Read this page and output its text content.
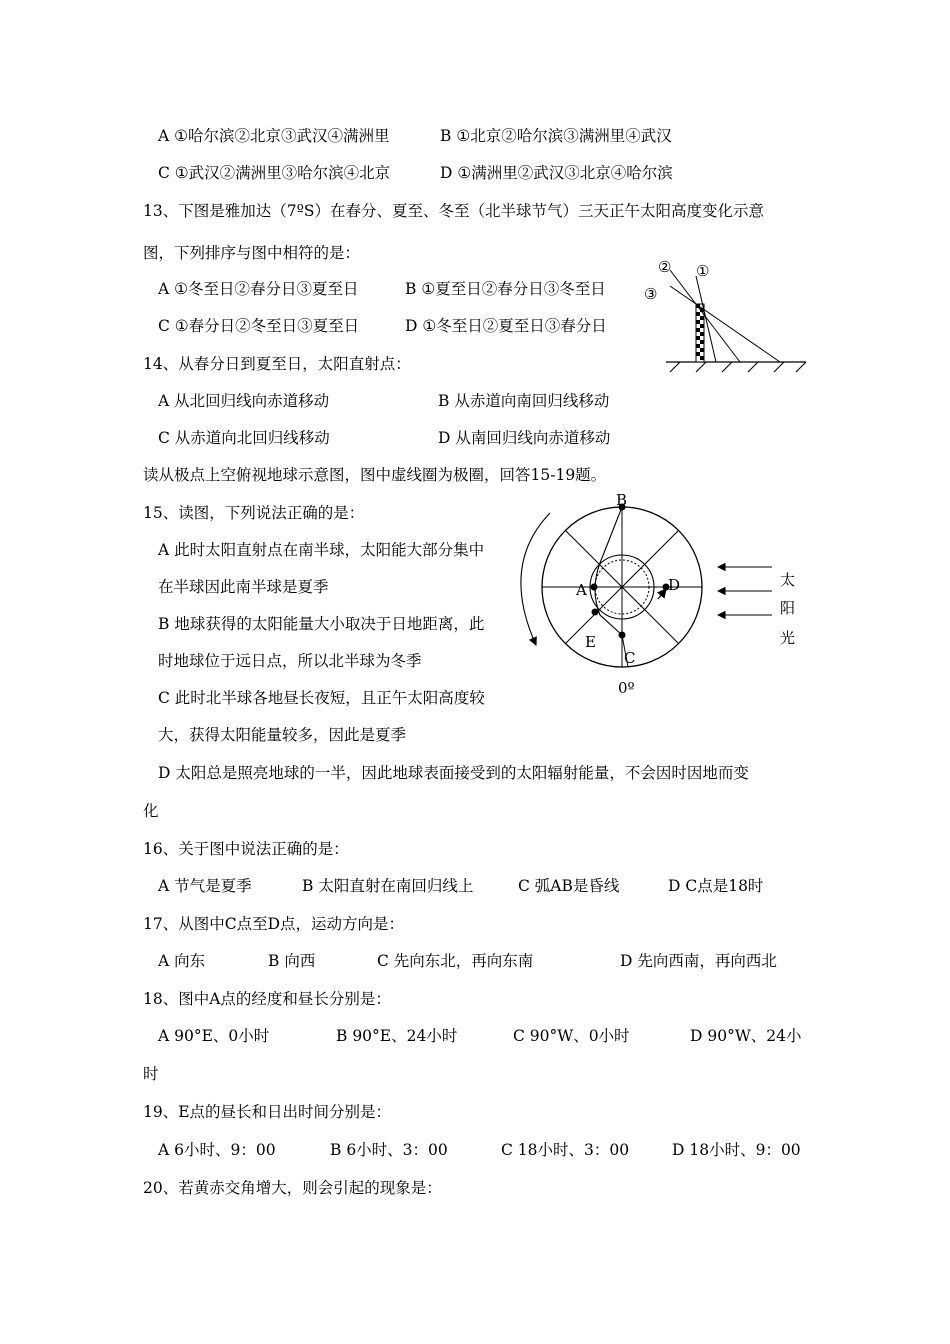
A ①哈尔滨②北京③武汉④满洲里	B ①北京②哈尔滨③满洲里④武汉
C ①武汉②满洲里③哈尔滨④北京	D ①满洲里②武汉③北京④哈尔滨
13、下图是雅加达（7ºS）在春分、夏至、冬至（北半球节气）三天正午太阳高度变化示意
图，下列排序与图中相符的是：
A ①冬至日②春分日③夏至日	B ①夏至日②春分日③冬至日
C ①春分日②冬至日③夏至日	D ①冬至日②夏至日③春分日
② ①
③
14、从春分日到夏至日，太阳直射点：
A 从北回归线向赤道移动	B 从赤道向南回归线移动
C 从赤道向北回归线移动	D 从南回归线向赤道移动
读从极点上空俯视地球示意图，图中虚线圈为极圈，回答15-19题。
15、读图，下列说法正确的是：
A 此时太阳直射点在南半球，太阳能大部分集中
在半球因此南半球是夏季
B 地球获得的太阳能量大小取决于日地距离，此
时地球位于远日点，所以北半球为冬季
C 此时北半球各地昼长夜短，且正午太阳高度较
大，获得太阳能量较多，因此是夏季
D 太阳总是照亮地球的一半，因此地球表面接受到的太阳辐射能量，不会因时因地而变
化
B
A
E
C
D
0º
太
阳
光
16、关于图中说法正确的是：
A 节气是夏季	B 太阳直射在南回归线上	C 弧AB是昏线	D C点是18时
17、从图中C点至D点，运动方向是：
A 向东	B 向西	C 先向东北，再向东南	D 先向西南，再向西北
18、图中A点的经度和昼长分别是：
A 90°E、0小时	B 90°E、24小时	C 90°W、0小时	D 90°W、24小
时
19、E点的昼长和日出时间分别是：
A 6小时、9：00	B 6小时、3：00	C 18小时、3：00	D 18小时、9：00
20、若黄赤交角增大，则会引起的现象是：
